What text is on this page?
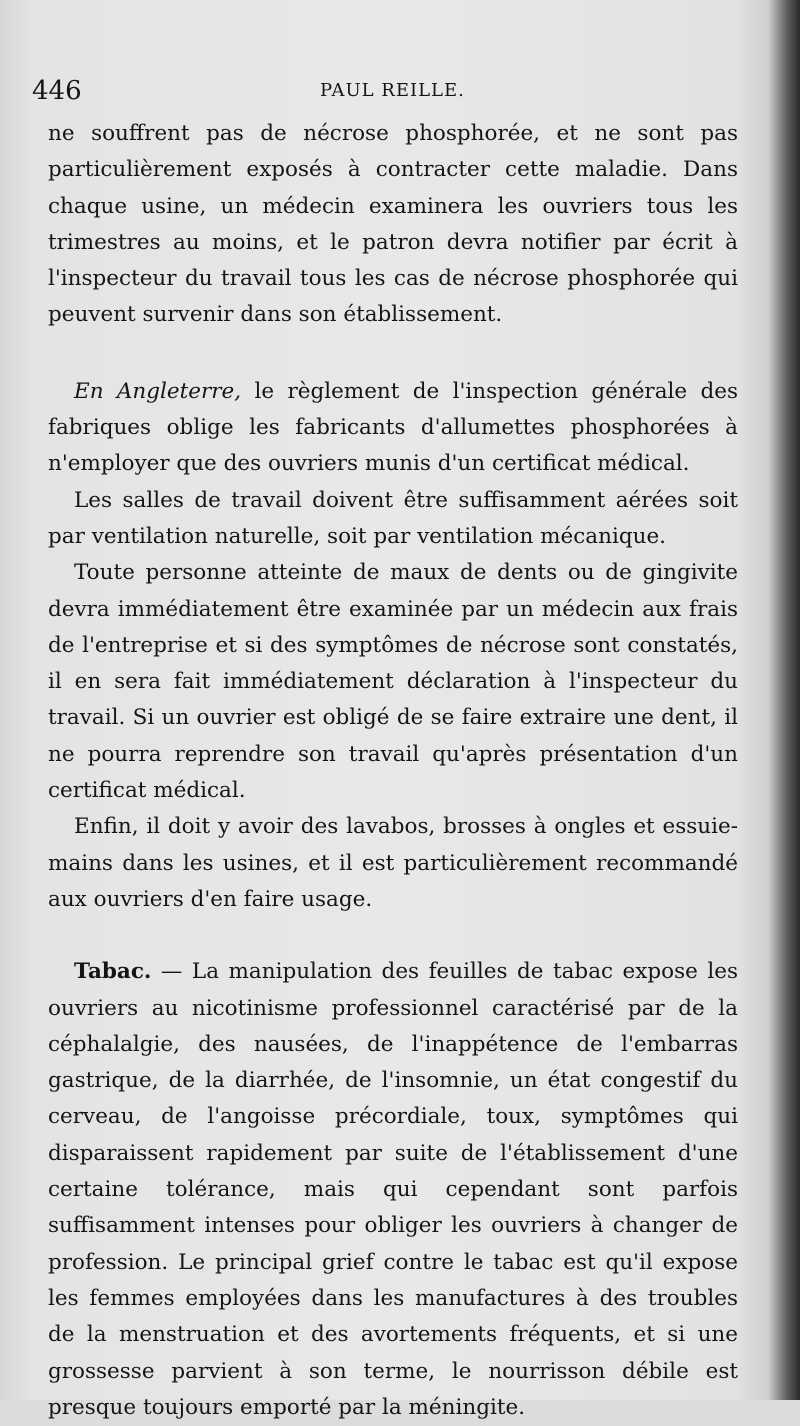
446	PAUL REILLE.

ne souffrent pas de nécrose phosphorée, et ne sont pas particulièrement exposés à contracter cette maladie. Dans chaque usine, un médecin examinera les ouvriers tous les trimestres au moins, et le patron devra notifier par écrit à l'inspecteur du travail tous les cas de nécrose phosphorée qui peuvent survenir dans son établissement.

En Angleterre, le règlement de l'inspection générale des fabriques oblige les fabricants d'allumettes phosphorées à n'employer que des ouvriers munis d'un certificat médical.

Les salles de travail doivent être suffisamment aérées soit par ventilation naturelle, soit par ventilation mécanique.

Toute personne atteinte de maux de dents ou de gingivite devra immédiatement être examinée par un médecin aux frais de l'entreprise et si des symptômes de nécrose sont constatés, il en sera fait immédiatement déclaration à l'inspecteur du travail. Si un ouvrier est obligé de se faire extraire une dent, il ne pourra reprendre son travail qu'après présentation d'un certificat médical.

Enfin, il doit y avoir des lavabos, brosses à ongles et essuie-mains dans les usines, et il est particulièrement recommandé aux ouvriers d'en faire usage.

Tabac. — La manipulation des feuilles de tabac expose les ouvriers au nicotinisme professionnel caractérisé par de la céphalalgie, des nausées, de l'inappétence de l'embarras gastrique, de la diarrhée, de l'insomnie, un état congestif du cerveau, de l'angoisse précordiale, toux, symptômes qui disparaissent rapidement par suite de l'établissement d'une certaine tolérance, mais qui cependant sont parfois suffisamment intenses pour obliger les ouvriers à changer de profession. Le principal grief contre le tabac est qu'il expose les femmes employées dans les manufactures à des troubles de la menstruation et des avortements fréquents, et si une grossesse parvient à son terme, le nourrisson débile est presque toujours emporté par la méningite.
